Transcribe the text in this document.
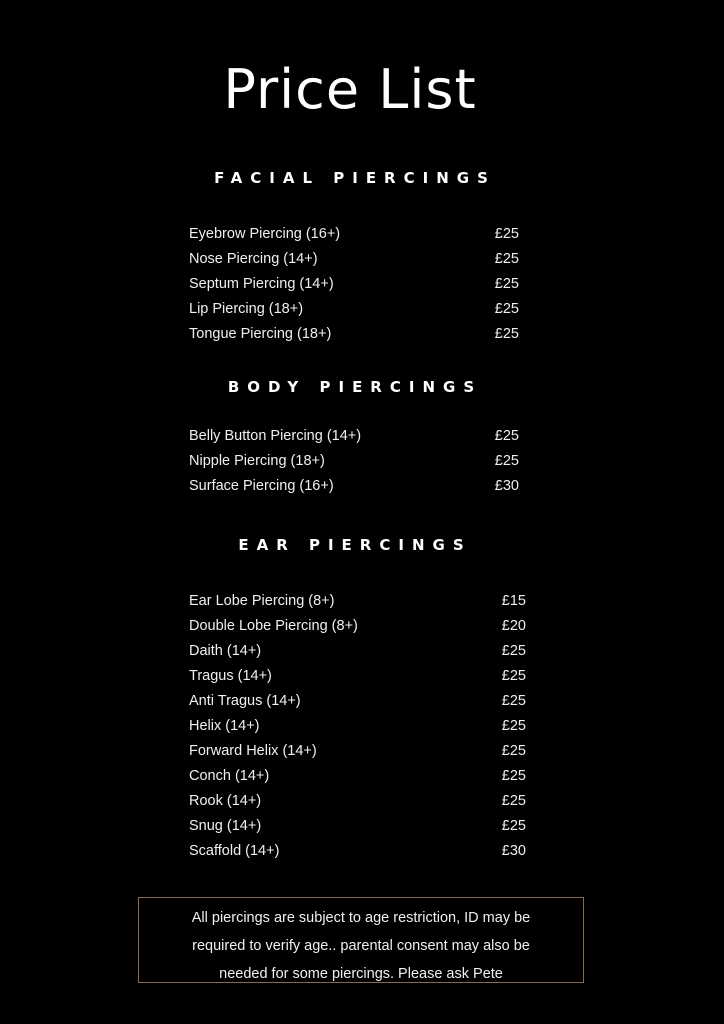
Price List
FACIAL PIERCINGS
Eyebrow Piercing (16+)	£25
Nose Piercing (14+)	£25
Septum Piercing (14+)	£25
Lip Piercing (18+)	£25
Tongue Piercing (18+)	£25
BODY PIERCINGS
Belly Button Piercing (14+)	£25
Nipple Piercing (18+)	£25
Surface Piercing (16+)	£30
EAR PIERCINGS
Ear Lobe Piercing (8+)	£15
Double Lobe Piercing (8+)	£20
Daith (14+)	£25
Tragus (14+)	£25
Anti Tragus (14+)	£25
Helix (14+)	£25
Forward Helix (14+)	£25
Conch (14+)	£25
Rook (14+)	£25
Snug (14+)	£25
Scaffold (14+)	£30
All piercings are subject to age restriction, ID may be
required to verify age.. parental consent may also be
needed for some piercings. Please ask Pete
